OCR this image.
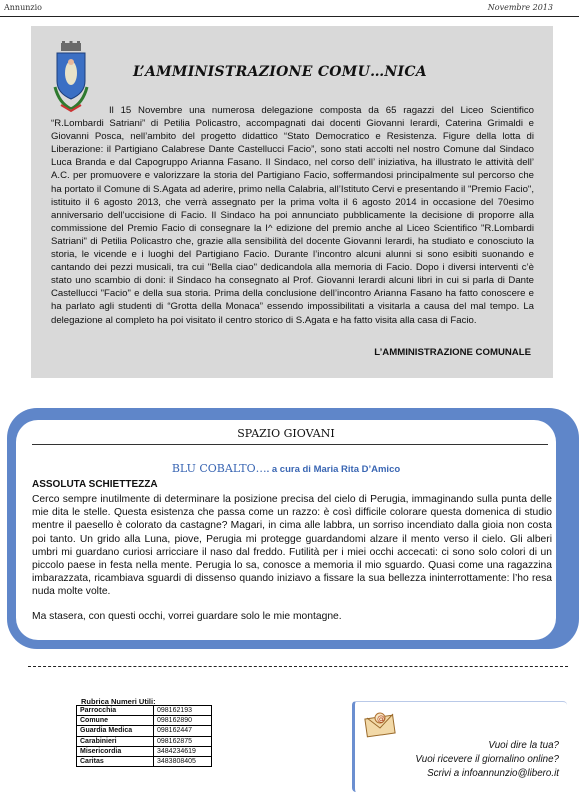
Annunzio	Novembre 2013
L’AMMINISTRAZIONE COMU…NICA

Il 15 Novembre una numerosa delegazione composta da 65 ragazzi del Liceo Scientifico “R.Lombardi Satriani” di Petilia Policastro, accompagnati dai docenti Giovanni Ierardi, Caterina Grimaldi e Giovanni Posca, nell’ambito del progetto didattico “Stato Democratico e Resistenza. Figure della lotta di Liberazione: il Partigiano Calabrese Dante Castellucci Facio”, sono stati accolti nel nostro Comune dal Sindaco Luca Branda e dal Capogruppo Arianna Fasano. Il Sindaco, nel corso dell’ iniziativa, ha illustrato le attività dell’ A.C. per promuovere e valorizzare la storia del Partigiano Facio, soffermandosi principalmente sul percorso che ha portato il Comune di S.Agata ad aderire, primo nella Calabria, all’Istituto Cervi e presentando il "Premio Facio", istituito il 6 agosto 2013, che verrà assegnato per la prima volta il 6 agosto 2014 in occasione del 70esimo anniversario dell’uccisione di Facio. Il Sindaco ha poi annunciato pubblicamente la decisione di proporre alla commissione del Premio Facio di consegnare la I^ edizione del premio anche al Liceo Scientifico "R.Lombardi Satriani" di Petilia Policastro che, grazie alla sensibilità del docente Giovanni Ierardi, ha studiato e conosciuto la storia, le vicende e i luoghi del Partigiano Facio. Durante l’incontro alcuni alunni si sono esibiti suonando e cantando dei pezzi musicali, tra cui "Bella ciao" dedicandola alla memoria di Facio. Dopo i diversi interventi c’è stato uno scambio di doni: il Sindaco ha consegnato al Prof. Giovanni Ierardi alcuni libri in cui si parla di Dante Castellucci "Facio" e della sua storia. Prima della conclusione dell’incontro Arianna Fasano ha fatto conoscere e ha parlato agli studenti di “Grotta della Monaca” essendo impossibilitati a visitarla a causa del mal tempo. La delegazione al completo ha poi visitato il centro storico di S.Agata e ha fatto visita alla casa di Facio.

L’AMMINISTRAZIONE COMUNALE
SPAZIO GIOVANI
BLU COBALTO…. a cura di Maria Rita D’Amico
ASSOLUTA SCHIETTEZZA

Cerco sempre inutilmente di determinare la posizione precisa del cielo di Perugia, immaginando sulla punta delle mie dita le stelle. Questa esistenza che passa come un razzo: è così difficile colorare questa domenica di studio mentre il paesello è colorato da castagne? Magari, in cima alle labbra, un sorriso incendiato dalla gioia non costa poi tanto. Un grido alla Luna, piove, Perugia mi protegge guardandomi alzare il mento verso il cielo. Gli alberi umbri mi guardano curiosi arricciare il naso dal freddo. Futilità per i miei occhi accecati: ci sono solo colori di un piccolo paese in festa nella mente. Perugia lo sa, conosce a memoria il mio sguardo. Quasi come una ragazzina imbarazzata, ricambiava sguardi di dissenso quando iniziavo a fissare la sua bellezza ininterrottamente: l’ho resa nuda molte volte.

Ma stasera, con questi occhi, vorrei guardare solo le mie montagne.
Rubrica Numeri Utili:
Parrocchia	098162193
Comune	098162890
Guardia Medica	098162447
Carabinieri	098162875
Misericordia	3484234619
Caritas	3483808405
@
Vuoi dire la tua?
Vuoi ricevere il giornalino online?
Scrivi a infoannunzio@libero.it
